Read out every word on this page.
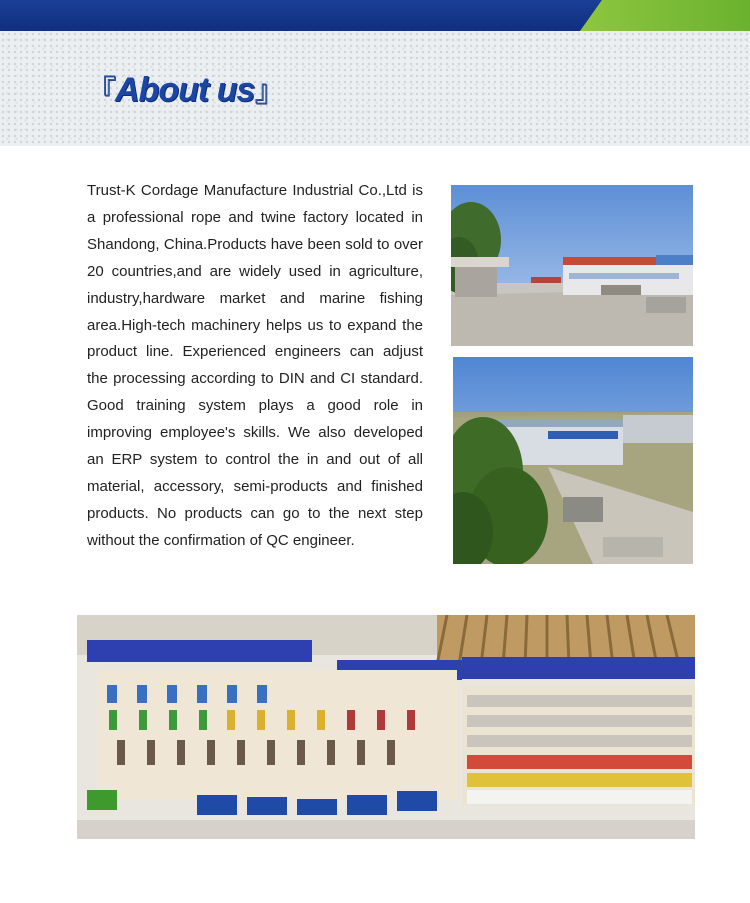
『About us』

Trust-K Cordage Manufacture Industrial Co.,Ltd is a professional rope and twine factory located in Shandong, China.Products have been sold to over 20 countries,and are widely used in agriculture, industry,hardware market and marine fishing area.High-tech machinery helps us to expand the product line. Experienced engineers can adjust the processing according to DIN and CI standard. Good training system plays a good role in improving employee's skills. We also developed an ERP system to control the in and out of all material, accessory, semi-products and finished products. No products can go to the next step without the confirmation of QC engineer.
